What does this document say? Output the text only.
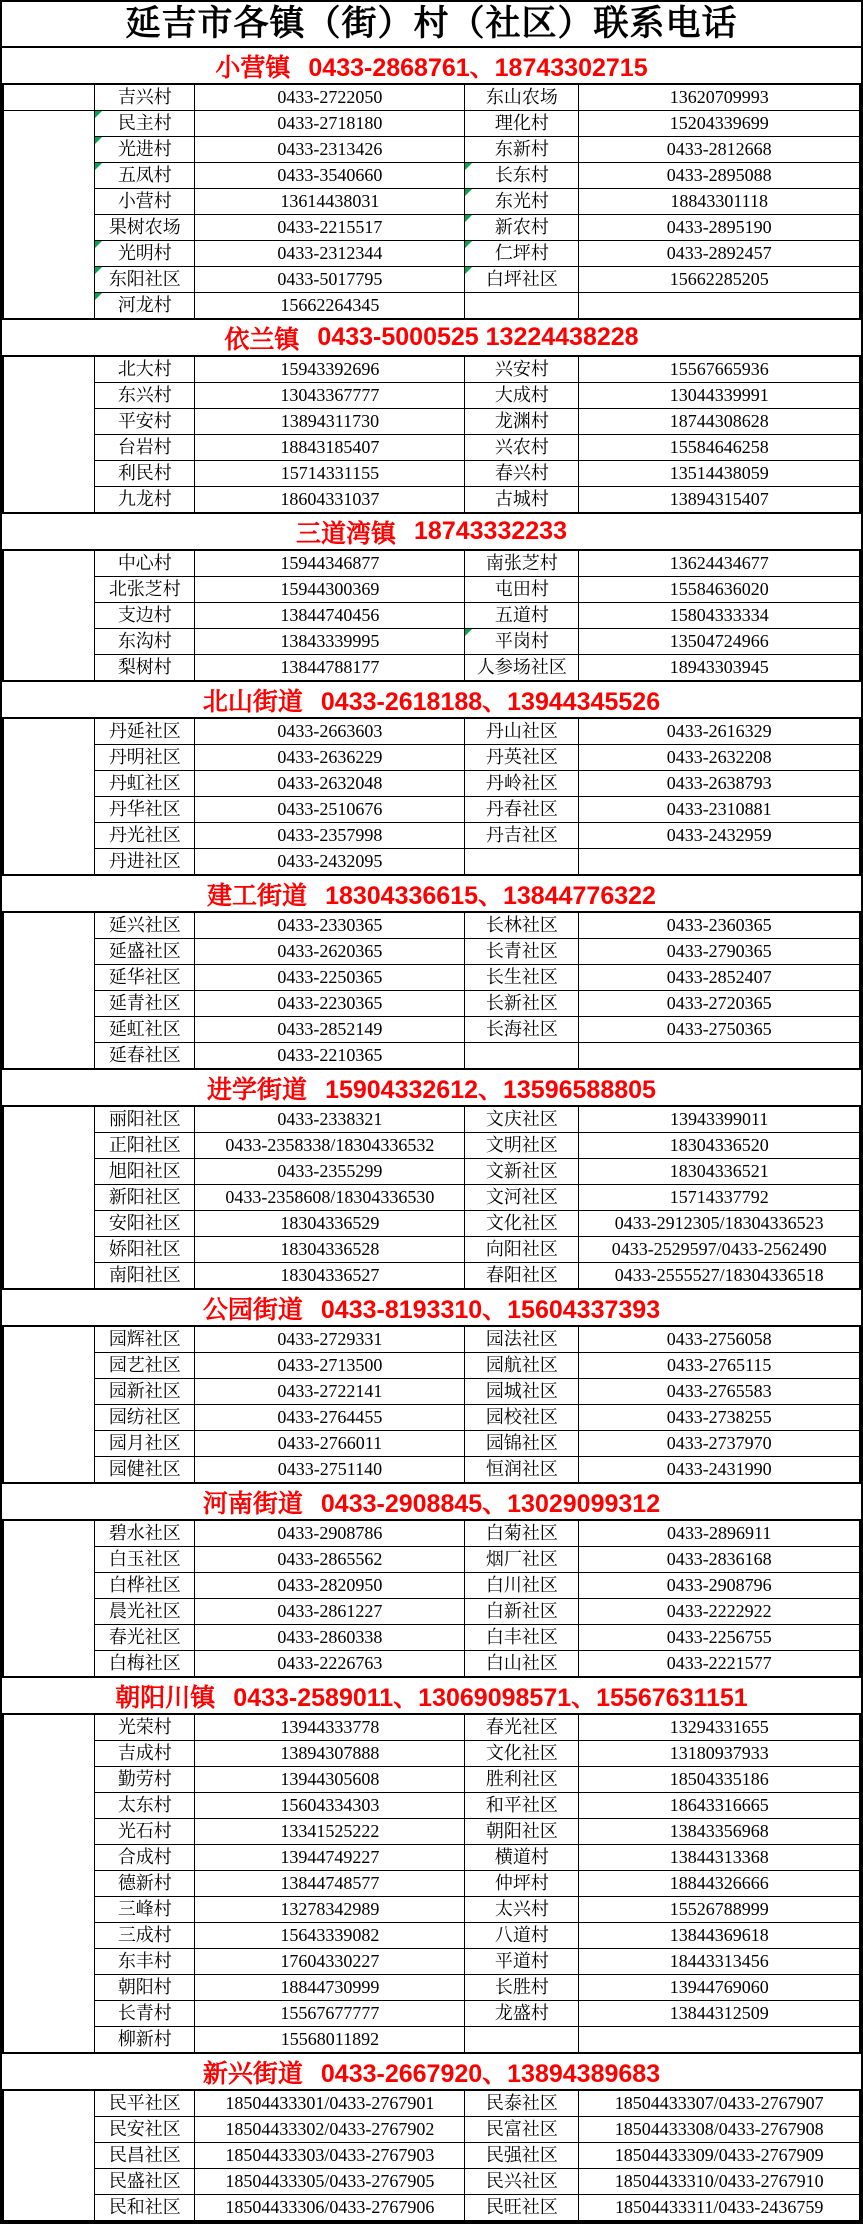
延吉市各镇（街）村（社区）联系电话
小营镇 0433-2868761、18743302715
	吉兴村	0433-2722050	东山农场	13620709993
	民主村	0433-2718180	理化村	15204339699
	光进村	0433-2313426	东新村	0433-2812668
	五凤村	0433-3540660	长东村	0433-2895088
	小营村	13614438031	东光村	18843301118
	果树农场	0433-2215517	新农村	0433-2895190
	光明村	0433-2312344	仁坪村	0433-2892457
	东阳社区	0433-5017795	白坪社区	15662285205
	河龙村	15662264345		
依兰镇 0433-5000525 13224438228
	北大村	15943392696	兴安村	15567665936
	东兴村	13043367777	大成村	13044339991
	平安村	13894311730	龙渊村	18744308628
	台岩村	18843185407	兴农村	15584646258
	利民村	15714331155	春兴村	13514438059
	九龙村	18604331037	古城村	13894315407
三道湾镇 18743332233
	中心村	15944346877	南张芝村	13624434677
	北张芝村	15944300369	屯田村	15584636020
	支边村	13844740456	五道村	15804333334
	东沟村	13843339995	平岗村	13504724966
	梨树村	13844788177	人参场社区	18943303945
北山街道 0433-2618188、13944345526
	丹延社区	0433-2663603	丹山社区	0433-2616329
	丹明社区	0433-2636229	丹英社区	0433-2632208
	丹虹社区	0433-2632048	丹岭社区	0433-2638793
	丹华社区	0433-2510676	丹春社区	0433-2310881
	丹光社区	0433-2357998	丹吉社区	0433-2432959
	丹进社区	0433-2432095		
建工街道 18304336615、13844776322
	延兴社区	0433-2330365	长林社区	0433-2360365
	延盛社区	0433-2620365	长青社区	0433-2790365
	延华社区	0433-2250365	长生社区	0433-2852407
	延青社区	0433-2230365	长新社区	0433-2720365
	延虹社区	0433-2852149	长海社区	0433-2750365
	延春社区	0433-2210365		
进学街道 15904332612、13596588805
	丽阳社区	0433-2338321	文庆社区	13943399011
	正阳社区	0433-2358338/18304336532	文明社区	18304336520
	旭阳社区	0433-2355299	文新社区	18304336521
	新阳社区	0433-2358608/18304336530	文河社区	15714337792
	安阳社区	18304336529	文化社区	0433-2912305/18304336523
	娇阳社区	18304336528	向阳社区	0433-2529597/0433-2562490
	南阳社区	18304336527	春阳社区	0433-2555527/18304336518
公园街道 0433-8193310、15604337393
	园辉社区	0433-2729331	园法社区	0433-2756058
	园艺社区	0433-2713500	园航社区	0433-2765115
	园新社区	0433-2722141	园城社区	0433-2765583
	园纺社区	0433-2764455	园校社区	0433-2738255
	园月社区	0433-2766011	园锦社区	0433-2737970
	园健社区	0433-2751140	恒润社区	0433-2431990
河南街道 0433-2908845、13029099312
	碧水社区	0433-2908786	白菊社区	0433-2896911
	白玉社区	0433-2865562	烟厂社区	0433-2836168
	白桦社区	0433-2820950	白川社区	0433-2908796
	晨光社区	0433-2861227	白新社区	0433-2222922
	春光社区	0433-2860338	白丰社区	0433-2256755
	白梅社区	0433-2226763	白山社区	0433-2221577
朝阳川镇 0433-2589011、13069098571、15567631151
	光荣村	13944333778	春光社区	13294331655
	吉成村	13894307888	文化社区	13180937933
	勤劳村	13944305608	胜利社区	18504335186
	太东村	15604334303	和平社区	18643316665
	光石村	13341525222	朝阳社区	13843356968
	合成村	13944749227	横道村	13844313368
	德新村	13844748577	仲坪村	18844326666
	三峰村	13278342989	太兴村	15526788999
	三成村	15643339082	八道村	13844369618
	东丰村	17604330227	平道村	18443313456
	朝阳村	18844730999	长胜村	13944769060
	长青村	15567677777	龙盛村	13844312509
	柳新村	15568011892		
新兴街道 0433-2667920、13894389683
	民平社区	18504433301/0433-2767901	民泰社区	18504433307/0433-2767907
	民安社区	18504433302/0433-2767902	民富社区	18504433308/0433-2767908
	民昌社区	18504433303/0433-2767903	民强社区	18504433309/0433-2767909
	民盛社区	18504433305/0433-2767905	民兴社区	18504433310/0433-2767910
	民和社区	18504433306/0433-2767906	民旺社区	18504433311/0433-2436759
